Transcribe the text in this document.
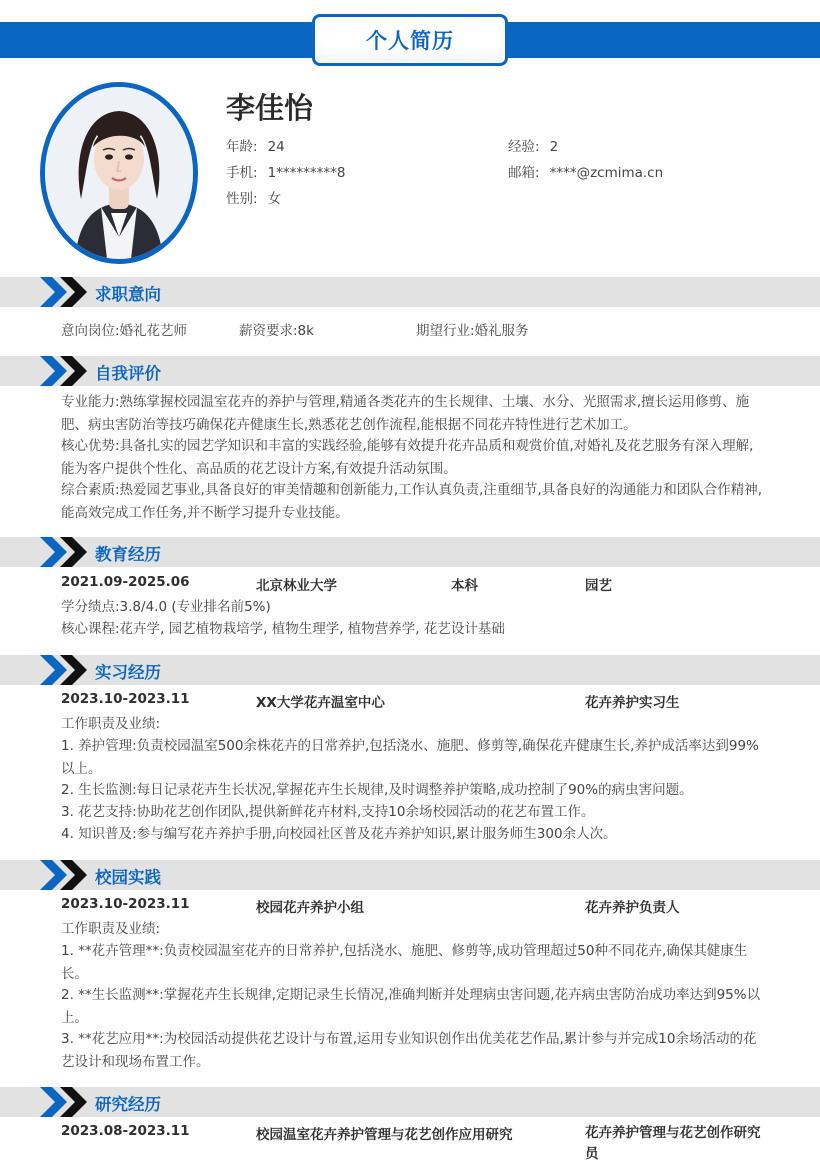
个人简历
李佳怡
年龄: 24	经验: 2
手机: 1*********8	邮箱: ****@zcmima.cn
性别: 女
求职意向
意向岗位:婚礼花艺师	薪资要求:8k	期望行业:婚礼服务
自我评价
专业能力:熟练掌握校园温室花卉的养护与管理,精通各类花卉的生长规律、土壤、水分、光照需求,擅长运用修剪、施肥、病虫害防治等技巧确保花卉健康生长,熟悉花艺创作流程,能根据不同花卉特性进行艺术加工。
核心优势:具备扎实的园艺学知识和丰富的实践经验,能够有效提升花卉品质和观赏价值,对婚礼及花艺服务有深入理解,能为客户提供个性化、高品质的花艺设计方案,有效提升活动氛围。
综合素质:热爱园艺事业,具备良好的审美情趣和创新能力,工作认真负责,注重细节,具备良好的沟通能力和团队合作精神,能高效完成工作任务,并不断学习提升专业技能。
教育经历
2021.09-2025.06	北京林业大学	本科	园艺
学分绩点:3.8/4.0 (专业排名前5%)
核心课程:花卉学, 园艺植物栽培学, 植物生理学, 植物营养学, 花艺设计基础
实习经历
2023.10-2023.11	XX大学花卉温室中心	花卉养护实习生
工作职责及业绩:
1. 养护管理:负责校园温室500余株花卉的日常养护,包括浇水、施肥、修剪等,确保花卉健康生长,养护成活率达到99%以上。
2. 生长监测:每日记录花卉生长状况,掌握花卉生长规律,及时调整养护策略,成功控制了90%的病虫害问题。
3. 花艺支持:协助花艺创作团队,提供新鲜花卉材料,支持10余场校园活动的花艺布置工作。
4. 知识普及:参与编写花卉养护手册,向校园社区普及花卉养护知识,累计服务师生300余人次。
校园实践
2023.10-2023.11	校园花卉养护小组	花卉养护负责人
工作职责及业绩:
1. **花卉管理**:负责校园温室花卉的日常养护,包括浇水、施肥、修剪等,成功管理超过50种不同花卉,确保其健康生长。
2. **生长监测**:掌握花卉生长规律,定期记录生长情况,准确判断并处理病虫害问题,花卉病虫害防治成功率达到95%以上。
3. **花艺应用**:为校园活动提供花艺设计与布置,运用专业知识创作出优美花艺作品,累计参与并完成10余场活动的花艺设计和现场布置工作。
研究经历
2023.08-2023.11	校园温室花卉养护管理与花艺创作应用研究	花卉养护管理与花艺创作研究员
